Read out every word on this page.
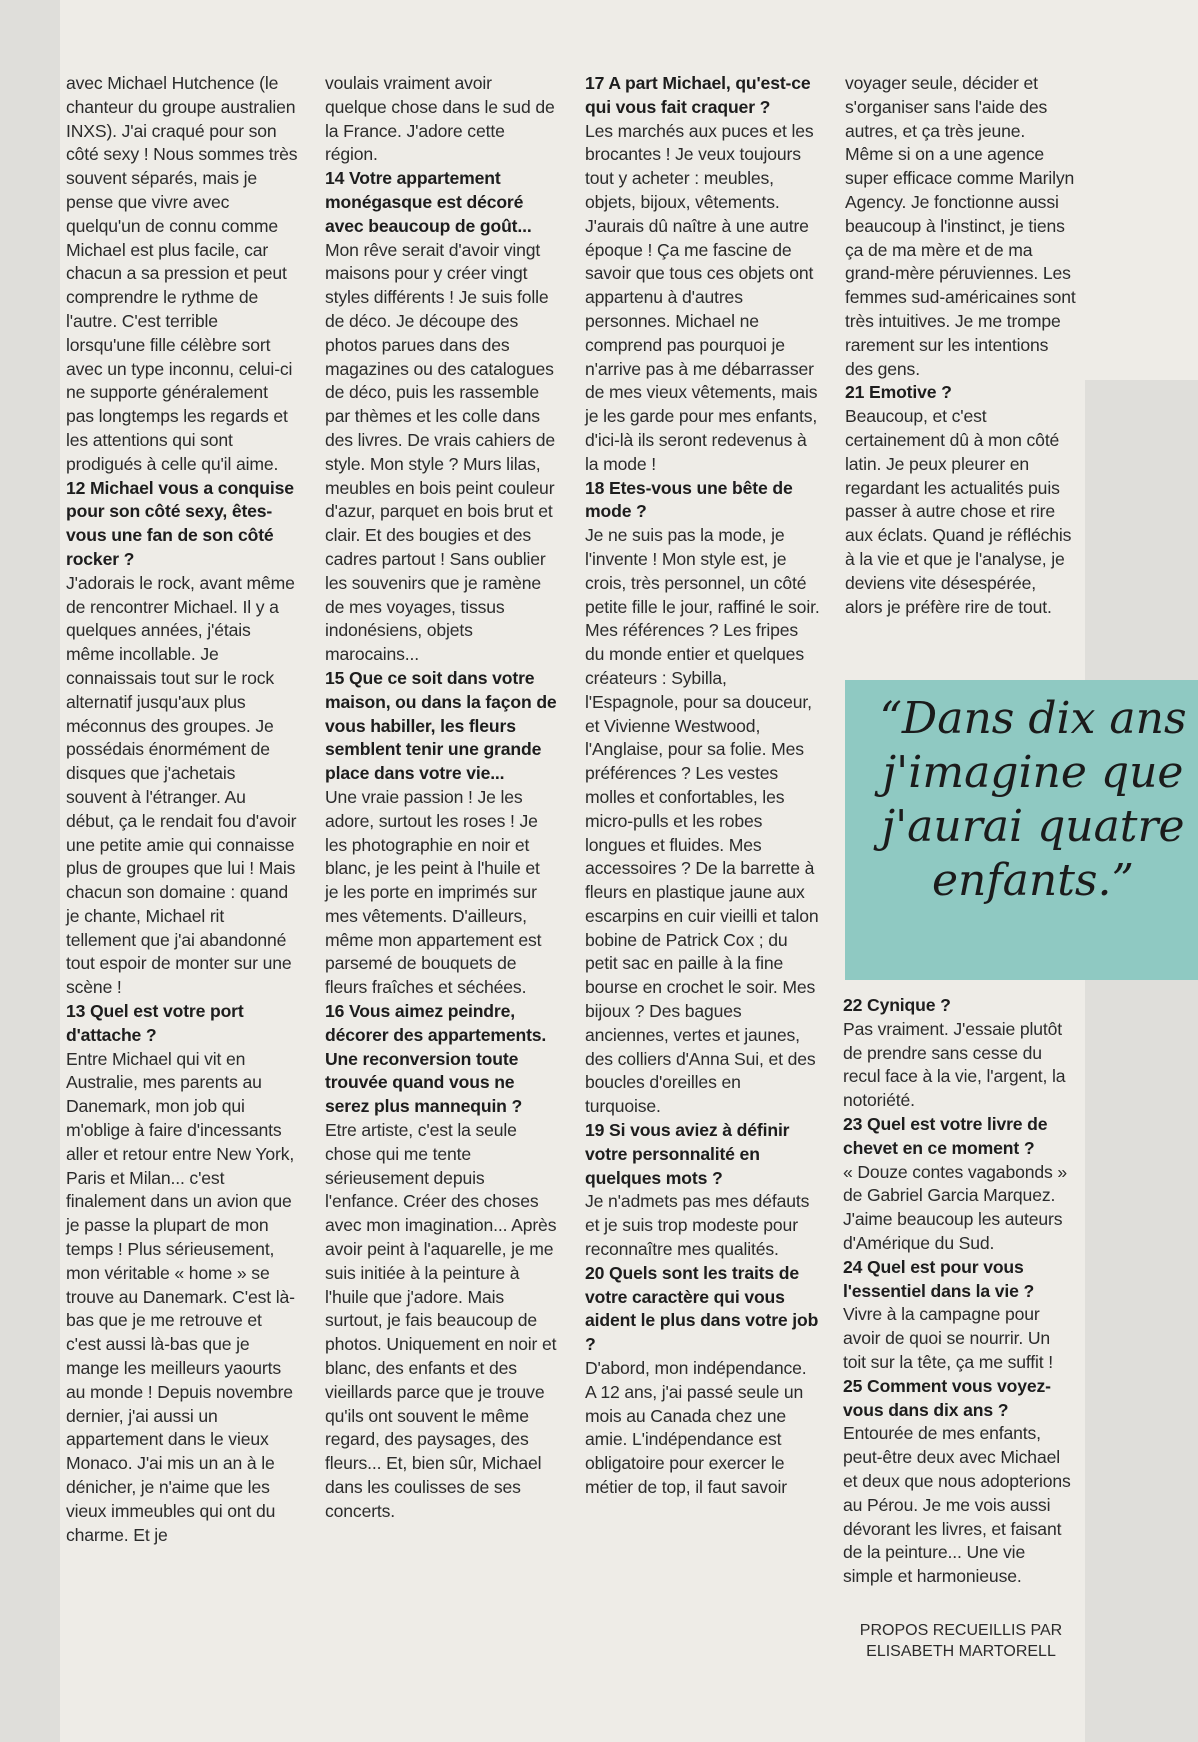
avec Michael Hutchence (le chanteur du groupe australien INXS). J'ai craqué pour son côté sexy ! Nous sommes très souvent séparés, mais je pense que vivre avec quelqu'un de connu comme Michael est plus facile, car chacun a sa pression et peut comprendre le rythme de l'autre. C'est terrible lorsqu'une fille célèbre sort avec un type inconnu, celui-ci ne supporte généralement pas longtemps les regards et les attentions qui sont prodigués à celle qu'il aime.

12 Michael vous a conquise pour son côté sexy, êtes-vous une fan de son côté rocker ?

J'adorais le rock, avant même de rencontrer Michael. Il y a quelques années, j'étais même incollable. Je connaissais tout sur le rock alternatif jusqu'aux plus méconnus des groupes. Je possédais énormément de disques que j'achetais souvent à l'étranger. Au début, ça le rendait fou d'avoir une petite amie qui connaisse plus de groupes que lui ! Mais chacun son domaine : quand je chante, Michael rit tellement que j'ai abandonné tout espoir de monter sur une scène !

13 Quel est votre port d'attache ?

Entre Michael qui vit en Australie, mes parents au Danemark, mon job qui m'oblige à faire d'incessants aller et retour entre New York, Paris et Milan... c'est finalement dans un avion que je passe la plupart de mon temps ! Plus sérieusement, mon véritable « home » se trouve au Danemark. C'est là-bas que je me retrouve et c'est aussi là-bas que je mange les meilleurs yaourts au monde ! Depuis novembre dernier, j'ai aussi un appartement dans le vieux Monaco. J'ai mis un an à le dénicher, je n'aime que les vieux immeubles qui ont du charme. Et je

voulais vraiment avoir quelque chose dans le sud de la France. J'adore cette région.

14 Votre appartement monégasque est décoré avec beaucoup de goût...

Mon rêve serait d'avoir vingt maisons pour y créer vingt styles différents ! Je suis folle de déco. Je découpe des photos parues dans des magazines ou des catalogues de déco, puis les rassemble par thèmes et les colle dans des livres. De vrais cahiers de style. Mon style ? Murs lilas, meubles en bois peint couleur d'azur, parquet en bois brut et clair. Et des bougies et des cadres partout ! Sans oublier les souvenirs que je ramène de mes voyages, tissus indonésiens, objets marocains...

15 Que ce soit dans votre maison, ou dans la façon de vous habiller, les fleurs semblent tenir une grande place dans votre vie...

Une vraie passion ! Je les adore, surtout les roses ! Je les photographie en noir et blanc, je les peint à l'huile et je les porte en imprimés sur mes vêtements. D'ailleurs, même mon appartement est parsemé de bouquets de fleurs fraîches et séchées.

16 Vous aimez peindre, décorer des appartements. Une reconversion toute trouvée quand vous ne serez plus mannequin ?

Etre artiste, c'est la seule chose qui me tente sérieusement depuis l'enfance. Créer des choses avec mon imagination... Après avoir peint à l'aquarelle, je me suis initiée à la peinture à l'huile que j'adore. Mais surtout, je fais beaucoup de photos. Uniquement en noir et blanc, des enfants et des vieillards parce que je trouve qu'ils ont souvent le même regard, des paysages, des fleurs... Et, bien sûr, Michael dans les coulisses de ses concerts.

17 A part Michael, qu'est-ce qui vous fait craquer ?

Les marchés aux puces et les brocantes ! Je veux toujours tout y acheter : meubles, objets, bijoux, vêtements. J'aurais dû naître à une autre époque ! Ça me fascine de savoir que tous ces objets ont appartenu à d'autres personnes. Michael ne comprend pas pourquoi je n'arrive pas à me débarrasser de mes vieux vêtements, mais je les garde pour mes enfants, d'ici-là ils seront redevenus à la mode !

18 Etes-vous une bête de mode ?

Je ne suis pas la mode, je l'invente ! Mon style est, je crois, très personnel, un côté petite fille le jour, raffiné le soir. Mes références ? Les fripes du monde entier et quelques créateurs : Sybilla, l'Espagnole, pour sa douceur, et Vivienne Westwood, l'Anglaise, pour sa folie. Mes préférences ? Les vestes molles et confortables, les micro-pulls et les robes longues et fluides. Mes accessoires ? De la barrette à fleurs en plastique jaune aux escarpins en cuir vieilli et talon bobine de Patrick Cox ; du petit sac en paille à la fine bourse en crochet le soir. Mes bijoux ? Des bagues anciennes, vertes et jaunes, des colliers d'Anna Sui, et des boucles d'oreilles en turquoise.

19 Si vous aviez à définir votre personnalité en quelques mots ?

Je n'admets pas mes défauts et je suis trop modeste pour reconnaître mes qualités.

20 Quels sont les traits de votre caractère qui vous aident le plus dans votre job ?

D'abord, mon indépendance. A 12 ans, j'ai passé seule un mois au Canada chez une amie. L'indépendance est obligatoire pour exercer le métier de top, il faut savoir

voyager seule, décider et s'organiser sans l'aide des autres, et ça très jeune. Même si on a une agence super efficace comme Marilyn Agency. Je fonctionne aussi beaucoup à l'instinct, je tiens ça de ma mère et de ma grand-mère péruviennes. Les femmes sud-américaines sont très intuitives. Je me trompe rarement sur les intentions des gens.

21 Emotive ?

Beaucoup, et c'est certainement dû à mon côté latin. Je peux pleurer en regardant les actualités puis passer à autre chose et rire aux éclats. Quand je réfléchis à la vie et que je l'analyse, je deviens vite désespérée, alors je préfère rire de tout.

“Dans dix ans j'imagine que j'aurai quatre enfants.”

22 Cynique ?

Pas vraiment. J'essaie plutôt de prendre sans cesse du recul face à la vie, l'argent, la notoriété.

23 Quel est votre livre de chevet en ce moment ?

« Douze contes vagabonds » de Gabriel Garcia Marquez. J'aime beaucoup les auteurs d'Amérique du Sud.

24 Quel est pour vous l'essentiel dans la vie ?

Vivre à la campagne pour avoir de quoi se nourrir. Un toit sur la tête, ça me suffit !

25 Comment vous voyez-vous dans dix ans ?

Entourée de mes enfants, peut-être deux avec Michael et deux que nous adopterions au Pérou. Je me vois aussi dévorant les livres, et faisant de la peinture... Une vie simple et harmonieuse.

PROPOS RECUEILLIS PAR
ELISABETH MARTORELL
